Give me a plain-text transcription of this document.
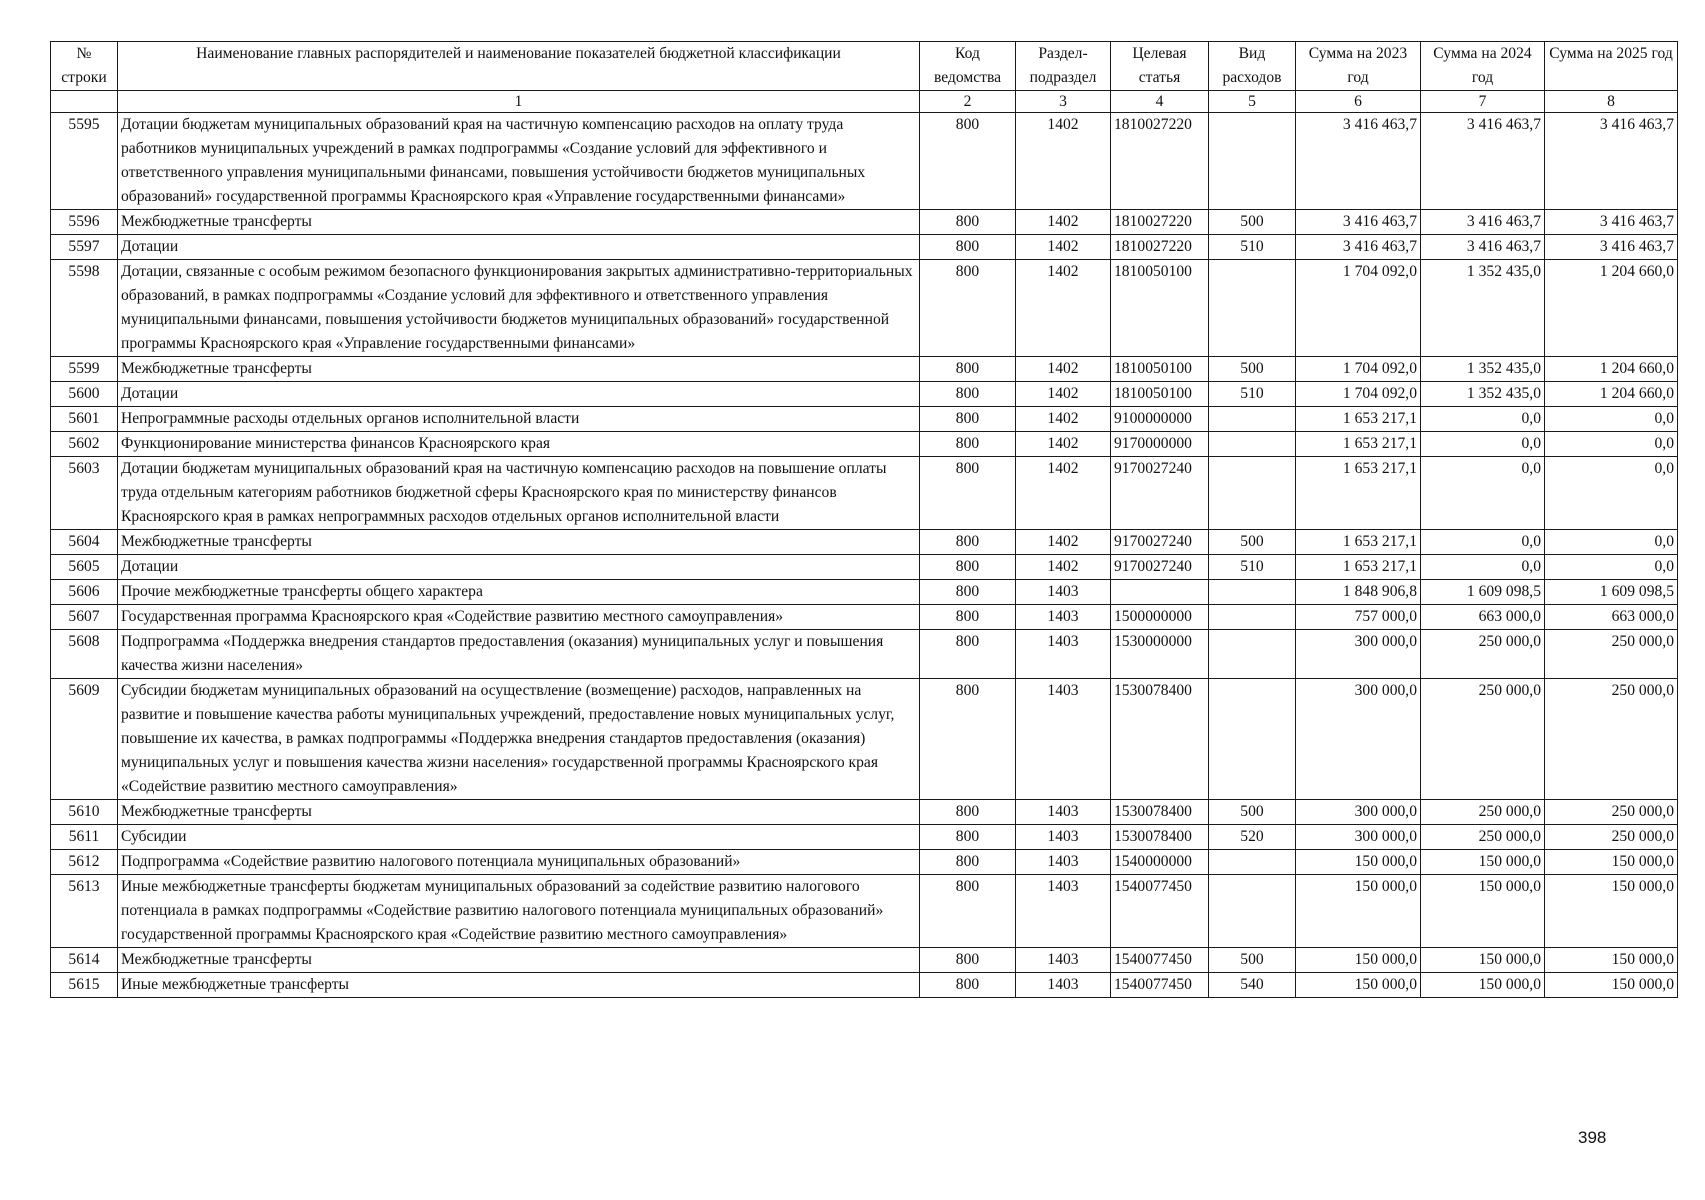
№ строки	Наименование главных распорядителей и наименование показателей бюджетной классификации	Код ведомства	Раздел-подраздел	Целевая статья	Вид расходов	Сумма на 2023 год	Сумма на 2024 год	Сумма на 2025 год
	1	2	3	4	5	6	7	8
5595	Дотации бюджетам муниципальных образований края на частичную компенсацию расходов на оплату труда работников муниципальных учреждений в рамках подпрограммы «Создание условий для эффективного и ответственного управления муниципальными финансами, повышения устойчивости бюджетов муниципальных образований» государственной программы Красноярского края «Управление государственными финансами»	800	1402	1810027220		3 416 463,7	3 416 463,7	3 416 463,7
5596	Межбюджетные трансферты	800	1402	1810027220	500	3 416 463,7	3 416 463,7	3 416 463,7
5597	Дотации	800	1402	1810027220	510	3 416 463,7	3 416 463,7	3 416 463,7
5598	Дотации, связанные с особым режимом безопасного функционирования закрытых административно-территориальных образований, в рамках подпрограммы «Создание условий для эффективного и ответственного управления муниципальными финансами, повышения устойчивости бюджетов муниципальных образований» государственной программы Красноярского края «Управление государственными финансами»	800	1402	1810050100		1 704 092,0	1 352 435,0	1 204 660,0
5599	Межбюджетные трансферты	800	1402	1810050100	500	1 704 092,0	1 352 435,0	1 204 660,0
5600	Дотации	800	1402	1810050100	510	1 704 092,0	1 352 435,0	1 204 660,0
5601	Непрограммные расходы отдельных органов исполнительной власти	800	1402	9100000000		1 653 217,1	0,0	0,0
5602	Функционирование министерства финансов Красноярского края	800	1402	9170000000		1 653 217,1	0,0	0,0
5603	Дотации бюджетам муниципальных образований края на частичную компенсацию расходов на повышение оплаты труда отдельным категориям работников бюджетной сферы Красноярского края по министерству финансов Красноярского края в рамках непрограммных расходов отдельных органов исполнительной власти	800	1402	9170027240		1 653 217,1	0,0	0,0
5604	Межбюджетные трансферты	800	1402	9170027240	500	1 653 217,1	0,0	0,0
5605	Дотации	800	1402	9170027240	510	1 653 217,1	0,0	0,0
5606	Прочие межбюджетные трансферты общего характера	800	1403			1 848 906,8	1 609 098,5	1 609 098,5
5607	Государственная программа Красноярского края «Содействие развитию местного самоуправления»	800	1403	1500000000		757 000,0	663 000,0	663 000,0
5608	Подпрограмма «Поддержка внедрения стандартов предоставления (оказания) муниципальных услуг и повышения качества жизни населения»	800	1403	1530000000		300 000,0	250 000,0	250 000,0
5609	Субсидии бюджетам муниципальных образований на осуществление (возмещение) расходов, направленных на развитие и повышение качества работы муниципальных учреждений, предоставление новых муниципальных услуг, повышение их качества, в рамках подпрограммы «Поддержка внедрения стандартов предоставления (оказания) муниципальных услуг и повышения качества жизни населения» государственной программы Красноярского края «Содействие развитию местного самоуправления»	800	1403	1530078400		300 000,0	250 000,0	250 000,0
5610	Межбюджетные трансферты	800	1403	1530078400	500	300 000,0	250 000,0	250 000,0
5611	Субсидии	800	1403	1530078400	520	300 000,0	250 000,0	250 000,0
5612	Подпрограмма «Содействие развитию налогового потенциала муниципальных образований»	800	1403	1540000000		150 000,0	150 000,0	150 000,0
5613	Иные межбюджетные трансферты бюджетам муниципальных образований за содействие развитию налогового потенциала в рамках подпрограммы «Содействие развитию налогового потенциала муниципальных образований» государственной программы Красноярского края «Содействие развитию местного самоуправления»	800	1403	1540077450		150 000,0	150 000,0	150 000,0
5614	Межбюджетные трансферты	800	1403	1540077450	500	150 000,0	150 000,0	150 000,0
5615	Иные межбюджетные трансферты	800	1403	1540077450	540	150 000,0	150 000,0	150 000,0
398
